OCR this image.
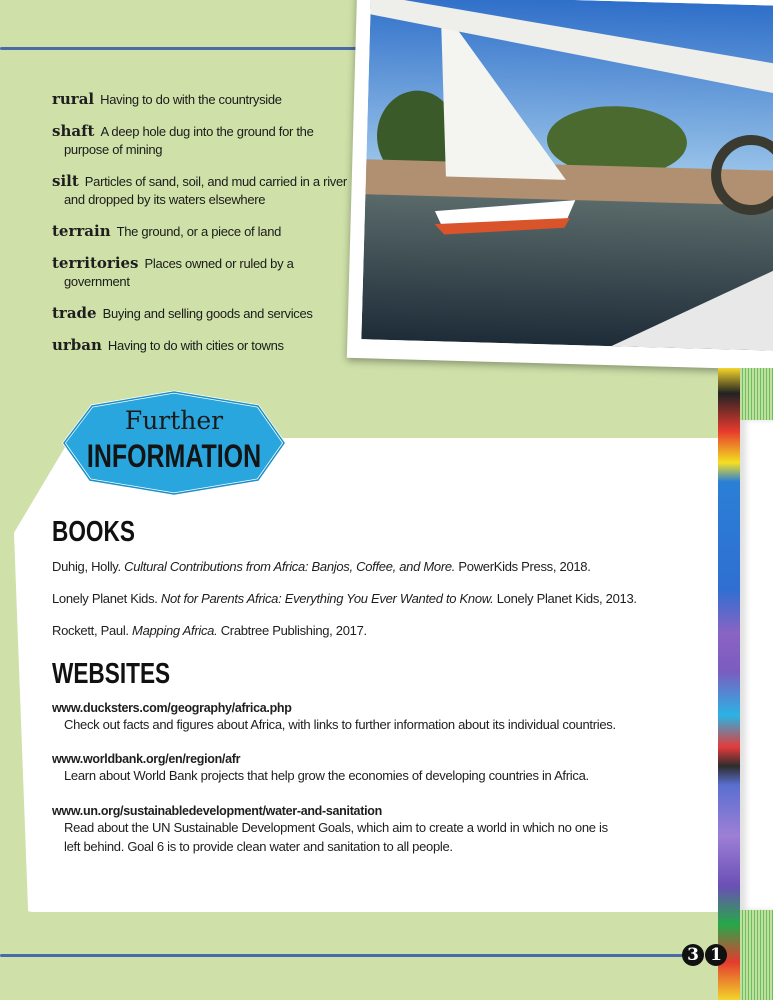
rural Having to do with the countryside
shaft A deep hole dug into the ground for the purpose of mining
silt Particles of sand, soil, and mud carried in a river and dropped by its waters elsewhere
terrain The ground, or a piece of land
territories Places owned or ruled by a government
trade Buying and selling goods and services
urban Having to do with cities or towns
Further
INFORMATION
BOOKS
Duhig, Holly. Cultural Contributions from Africa: Banjos, Coffee, and More. PowerKids Press, 2018.
Lonely Planet Kids. Not for Parents Africa: Everything You Ever Wanted to Know. Lonely Planet Kids, 2013.
Rockett, Paul. Mapping Africa. Crabtree Publishing, 2017.
WEBSITES
www.ducksters.com/geography/africa.php
Check out facts and figures about Africa, with links to further information about its individual countries.
www.worldbank.org/en/region/afr
Learn about World Bank projects that help grow the economies of developing countries in Africa.
www.un.org/sustainabledevelopment/water-and-sanitation
Read about the UN Sustainable Development Goals, which aim to create a world in which no one is left behind. Goal 6 is to provide clean water and sanitation to all people.
3 1
